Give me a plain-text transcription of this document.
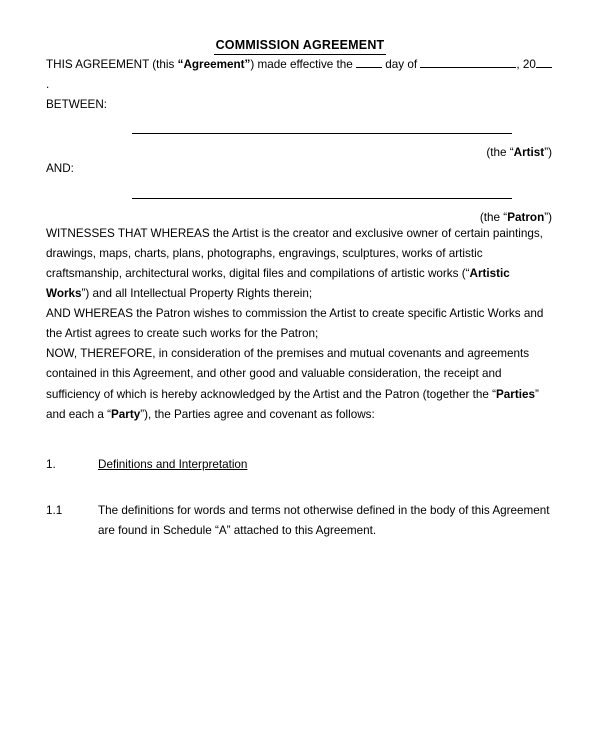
COMMISSION AGREEMENT

THIS AGREEMENT (this “Agreement”) made effective the  day of	, 20.

BETWEEN:

(the “Artist”)

AND:

(the “Patron”)

WITNESSES THAT WHEREAS the Artist is the creator and exclusive owner of certain paintings, drawings, maps, charts, plans, photographs, engravings, sculptures, works of artistic craftsmanship, architectural works, digital files and compilations of artistic works (“Artistic Works”) and all Intellectual Property Rights therein;

AND WHEREAS the Patron wishes to commission the Artist to create specific Artistic Works and the Artist agrees to create such works for the Patron;

NOW, THEREFORE, in consideration of the premises and mutual covenants and agreements contained in this Agreement, and other good and valuable consideration, the receipt and sufficiency of which is hereby acknowledged by the Artist and the Patron (together the “Parties” and each a “Party”), the Parties agree and covenant as follows:

1.	Definitions and Interpretation
1.1	The definitions for words and terms not otherwise defined in the body of this Agreement are found in Schedule “A” attached to this Agreement.
